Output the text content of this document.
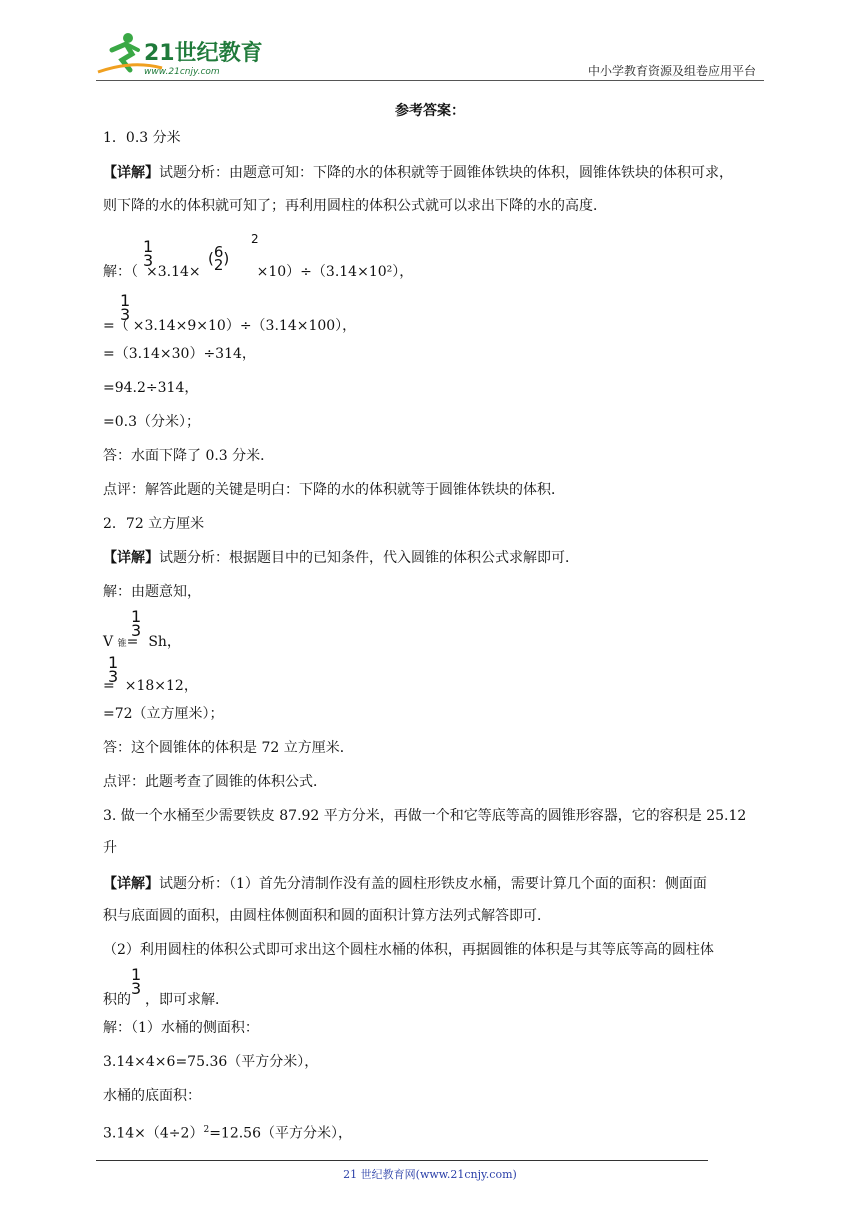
21世纪教育
www.21cnjy.com	中小学教育资源及组卷应用平台
参考答案：
1．0.3 分米
【详解】试题分析：由题意可知：下降的水的体积就等于圆锥体铁块的体积，圆锥体铁块的体积可求，
则下降的水的体积就可知了；再利用圆柱的体积公式就可以求出下降的水的高度．
1
3	(6
2)
2
解：（ ×3.14×	×10）÷（3.14×10²），
1
3
=（ ×3.14×9×10）÷（3.14×100），
=（3.14×30）÷314，
=94.2÷314，
=0.3（分米）；
答：水面下降了 0.3 分米．
点评：解答此题的关键是明白：下降的水的体积就等于圆锥体铁块的体积．
2．72 立方厘米
【详解】试题分析：根据题目中的已知条件，代入圆锥的体积公式求解即可．
解：由题意知，
1
3
V 锥= Sh，
1
3
= ×18×12，
=72（立方厘米）；
答：这个圆锥体的体积是 72 立方厘米．
点评：此题考查了圆锥的体积公式．
3. 做一个水桶至少需要铁皮 87.92 平方分米，再做一个和它等底等高的圆锥形容器，它的容积是 25.12
升
【详解】试题分析：（1）首先分清制作没有盖的圆柱形铁皮水桶，需要计算几个面的面积：侧面面
积与底面圆的面积，由圆柱体侧面积和圆的面积计算方法列式解答即可．
（2）利用圆柱的体积公式即可求出这个圆柱水桶的体积，再据圆锥的体积是与其等底等高的圆柱体
1
3
积的 ，即可求解．
解：（1）水桶的侧面积：
3.14×4×6=75.36（平方分米），
水桶的底面积：
$3.14\times(4\div 2)^2=12.56$（平方分米），
21 世纪教育网(www.21cnjy.com)
